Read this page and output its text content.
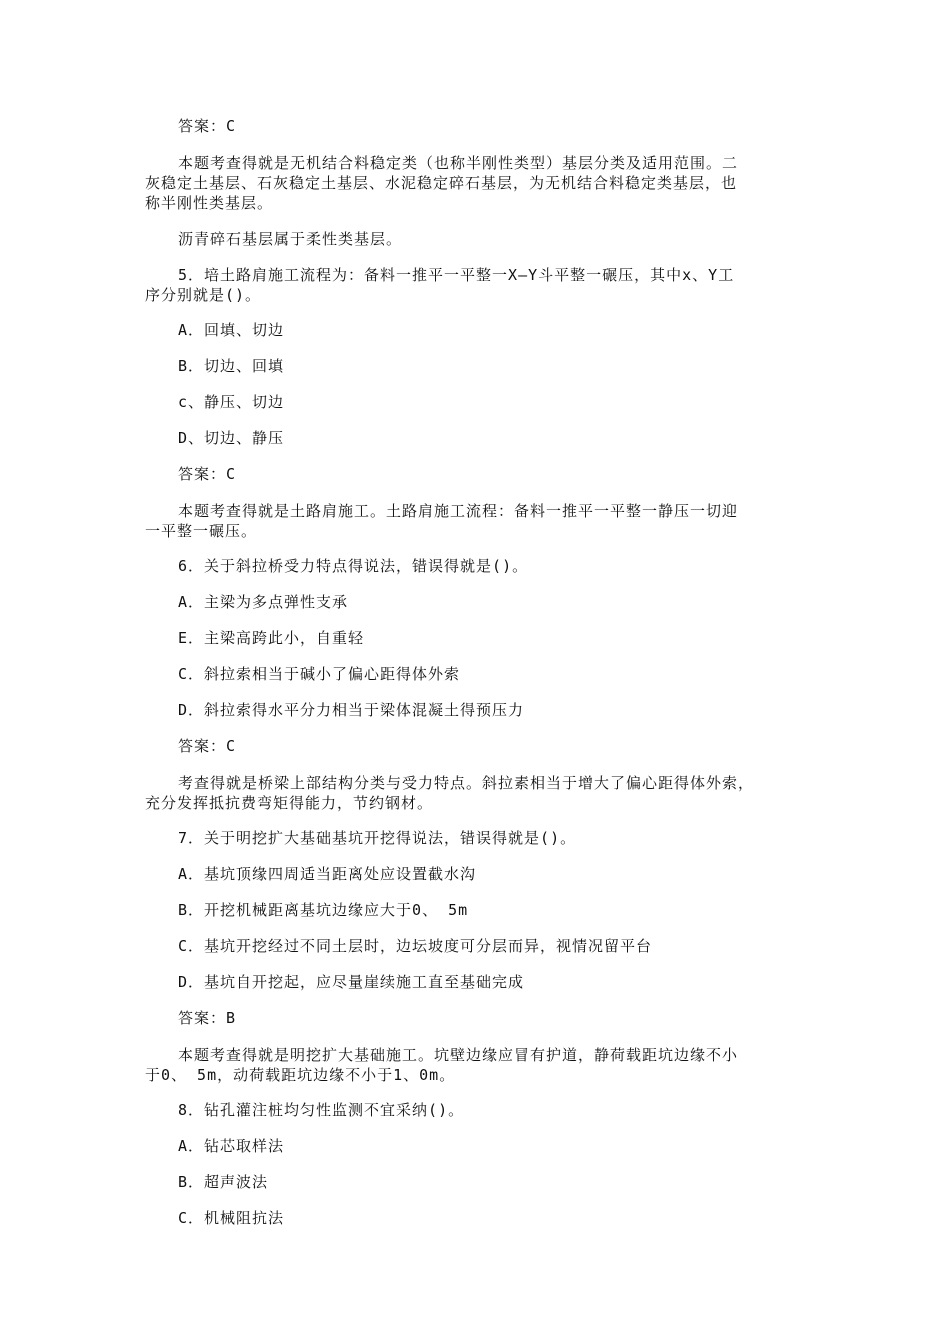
答案：C

本题考查得就是无机结合料稳定类（也称半刚性类型）基层分类及适用范围。二

灰稳定土基层、石灰稳定土基层、水泥稳定碎石基层，为无机结合料稳定类基层，也

称半刚性类基层。

沥青碎石基层属于柔性类基层。

5．培土路肩施工流程为：备料一推平一平整一X—Y斗平整一碾压，其中x、Y工

序分别就是()。

A．回填、切边

B．切边、回填

c、静压、切边

D、切边、静压

答案：C

本题考查得就是土路肩施工。土路肩施工流程：备料一推平一平整一静压一切迎

一平整一碾压。

6．关于斜拉桥受力特点得说法，错误得就是()。

A．主梁为多点弹性支承

E．主梁高跨此小，自重轻

C．斜拉索相当于碱小了偏心距得体外索

D．斜拉索得水平分力相当于梁体混凝土得预压力

答案：C

考查得就是桥梁上部结构分类与受力特点。斜拉素相当于增大了偏心距得体外索，

充分发挥抵抗费弯矩得能力，节约钢材。

7．关于明挖扩大基础基坑开挖得说法，错误得就是()。

A．基坑顶缘四周适当距离处应设置截水沟

B．开挖机械距离基坑边缘应大于0、 5m

C．基坑开挖经过不同土层时，边坛坡度可分层而异，视情况留平台

D．基坑自开挖起，应尽量崖续施工直至基础完成

答案：B

本题考查得就是明挖扩大基础施工。坑壁边缘应冒有护道，静荷载距坑边缘不小

于0、 5m，动荷载距坑边缘不小于1、0m。

8．钻孔灌注桩均匀性监测不宜采纳()。

A．钻芯取样法

B．超声波法

C．机械阻抗法
